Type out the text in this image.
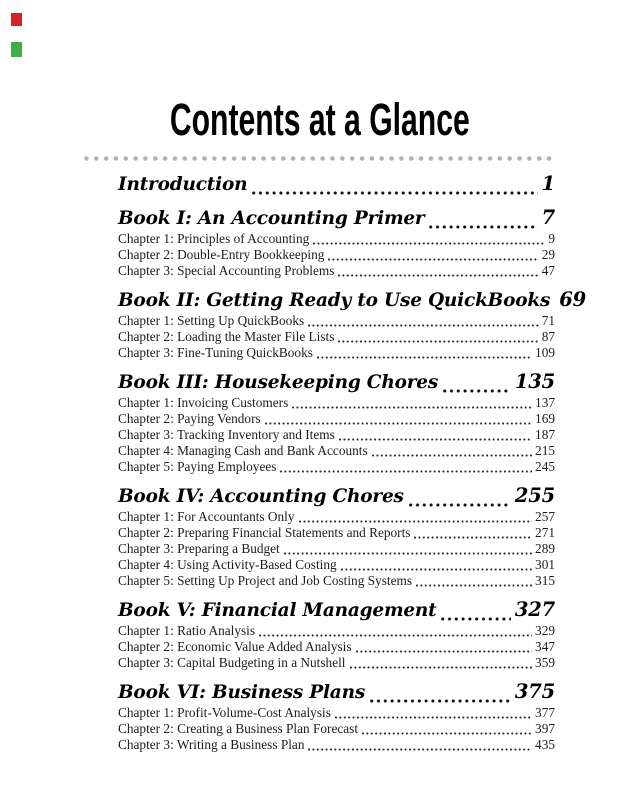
Contents at a Glance
Introduction	1
Book I: An Accounting Primer	7
Chapter 1: Principles of Accounting	9
Chapter 2: Double-Entry Bookkeeping	29
Chapter 3: Special Accounting Problems	47
Book II: Getting Ready to Use QuickBooks 69
Chapter 1: Setting Up QuickBooks	71
Chapter 2: Loading the Master File Lists	87
Chapter 3: Fine-Tuning QuickBooks	109
Book III: Housekeeping Chores	135
Chapter 1: Invoicing Customers	137
Chapter 2: Paying Vendors	169
Chapter 3: Tracking Inventory and Items	187
Chapter 4: Managing Cash and Bank Accounts	215
Chapter 5: Paying Employees	245
Book IV: Accounting Chores	255
Chapter 1: For Accountants Only	257
Chapter 2: Preparing Financial Statements and Reports	271
Chapter 3: Preparing a Budget	289
Chapter 4: Using Activity-Based Costing	301
Chapter 5: Setting Up Project and Job Costing Systems	315
Book V: Financial Management	327
Chapter 1: Ratio Analysis	329
Chapter 2: Economic Value Added Analysis	347
Chapter 3: Capital Budgeting in a Nutshell	359
Book VI: Business Plans	375
Chapter 1: Profit-Volume-Cost Analysis	377
Chapter 2: Creating a Business Plan Forecast	397
Chapter 3: Writing a Business Plan	435
